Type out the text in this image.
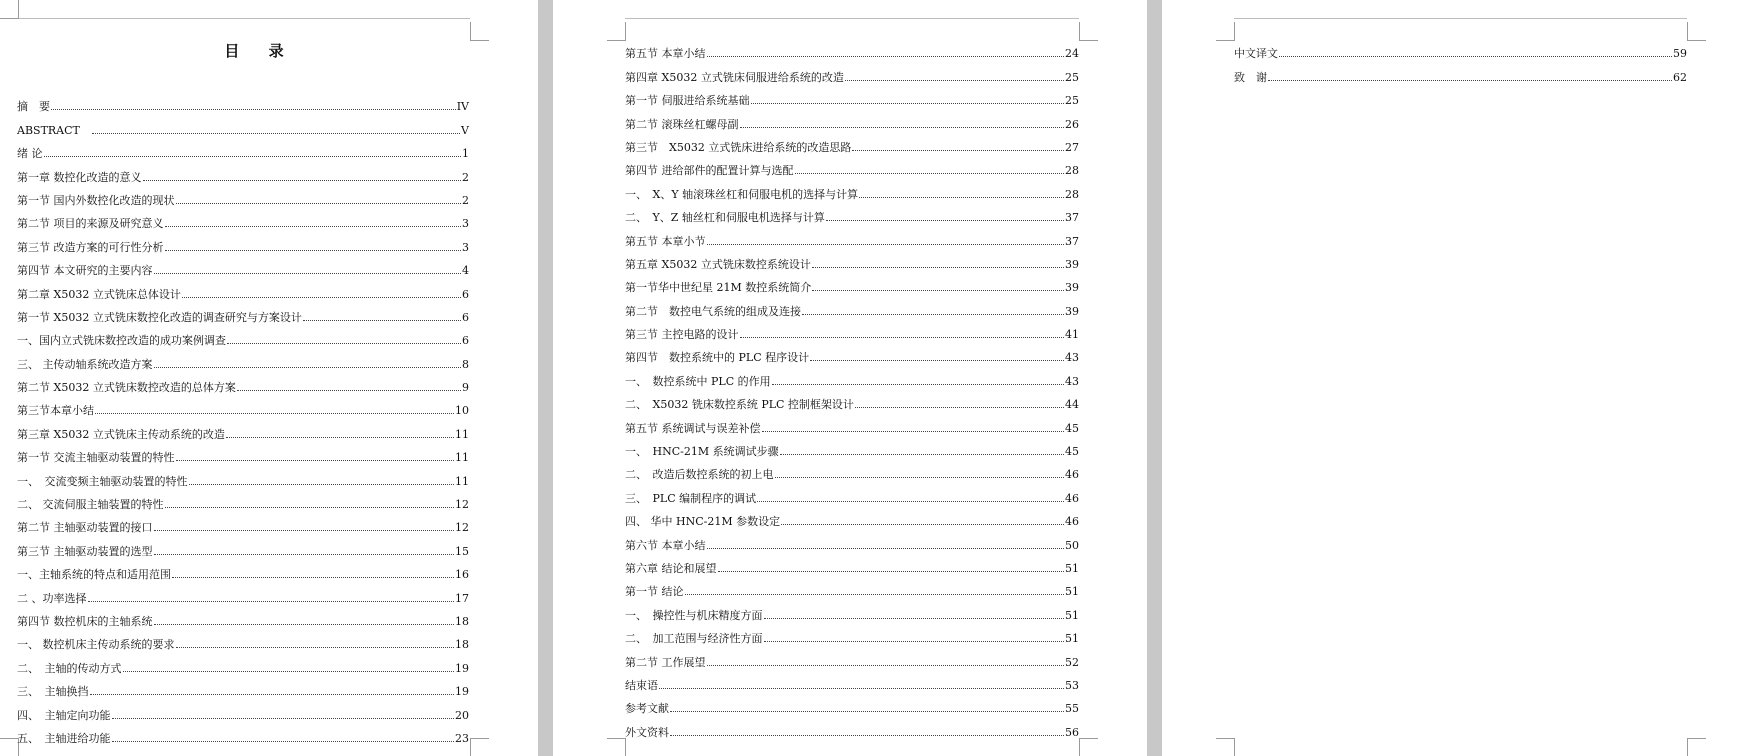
目 录
摘　要	IV
ABSTRACT　	V
绪 论	1
第一章 数控化改造的意义	2
第一节 国内外数控化改造的现状	2
第二节 项目的来源及研究意义	3
第三节 改造方案的可行性分析	3
第四节 本文研究的主要内容	4
第二章 X5032 立式铣床总体设计	6
第一节 X5032 立式铣床数控化改造的调查研究与方案设计	6
一、国内立式铣床数控改造的成功案例调查	6
三、 主传动轴系统改造方案	8
第二节 X5032 立式铣床数控改造的总体方案	9
第三节本章小结	10
第三章 X5032 立式铣床主传动系统的改造	11
第一节 交流主轴驱动装置的特性	11
一、　交流变频主轴驱动装置的特性	11
二、 交流伺服主轴装置的特性	12
第二节 主轴驱动装置的接口	12
第三节 主轴驱动装置的选型	15
一、主轴系统的特点和适用范围	16
二 、功率选择	17
第四节 数控机床的主轴系统	18
一、 数控机床主传动系统的要求	18
二、　主轴的传动方式	19
三、　主轴换挡	19
四、　主轴定向功能	20
五、　主轴进给功能	23
第五节 本章小结	24
第四章 X5032 立式铣床伺服进给系统的改造	25
第一节 伺服进给系统基础	25
第二节 滚珠丝杠螺母副	26
第三节　X5032 立式铣床进给系统的改造思路	27
第四节 进给部件的配置计算与选配	28
一、　X、Y 轴滚珠丝杠和伺服电机的选择与计算	28
二、　Y、Z 轴丝杠和伺服电机选择与计算	37
第五节 本章小节	37
第五章 X5032 立式铣床数控系统设计	39
第一节华中世纪星 21M 数控系统简介	39
第二节　数控电气系统的组成及连接	39
第三节 主控电路的设计	41
第四节　数控系统中的 PLC 程序设计	43
一、　数控系统中 PLC 的作用	43
二、　X5032 铣床数控系统 PLC 控制框架设计	44
第五节 系统调试与误差补偿	45
一、　HNC-21M 系统调试步骤	45
二、　改造后数控系统的初上电	46
三、　PLC 编制程序的调试	46
四、 华中 HNC-21M 参数设定	46
第六节 本章小结	50
第六章 结论和展望	51
第一节 结论	51
一、　操控性与机床精度方面	51
二、　加工范围与经济性方面	51
第二节 工作展望	52
结束语	53
参考文献	55
外文资料	56
中文译文	59
致　谢	62
